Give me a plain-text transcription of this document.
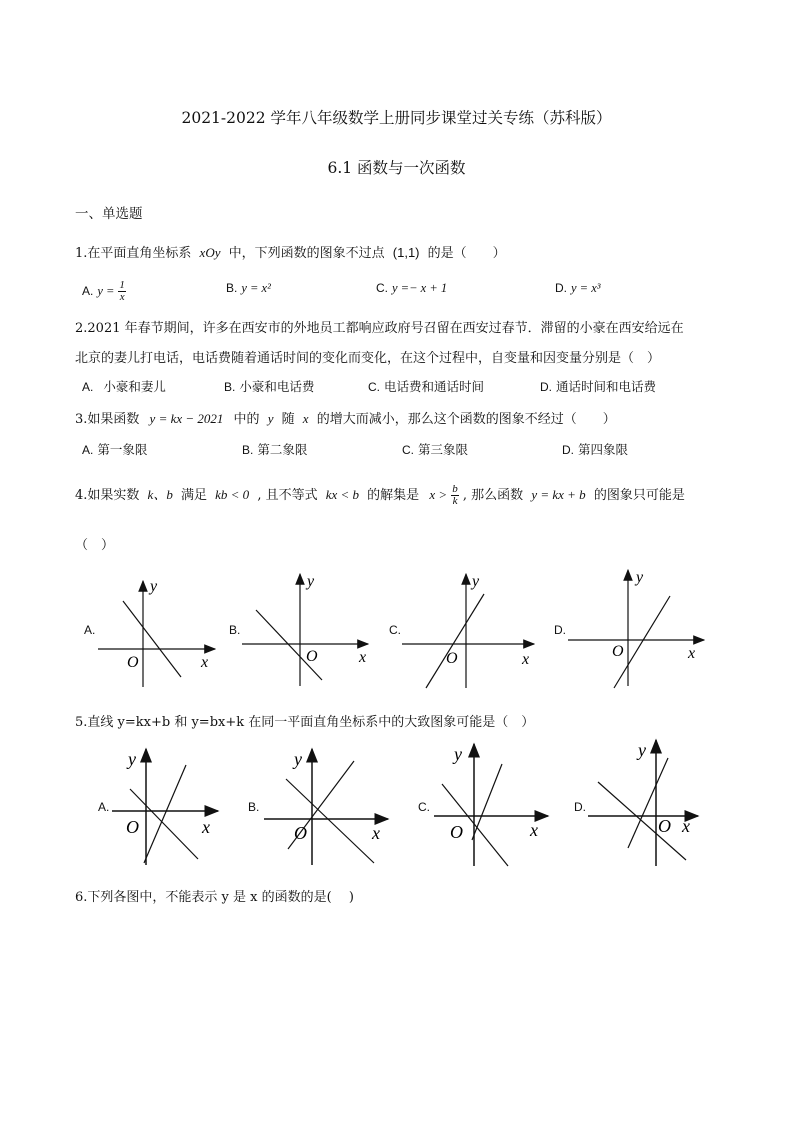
2021-2022 学年八年级数学上册同步课堂过关专练（苏科版）
6.1 函数与一次函数
一、单选题
1.在平面直角坐标系 xOy 中，下列函数的图象不过点 (1,1) 的是（　　）
A. $y = \frac{1}{x}$	B. y = x²	C. y =− x + 1	D. y = x³
2.2021 年春节期间，许多在西安市的外地员工都响应政府号召留在西安过春节．滞留的小豪在西安给远在
北京的妻儿打电话，电话费随着通话时间的变化而变化，在这个过程中，自变量和因变量分别是（　）
A. 小豪和妻儿	B. 小豪和电话费	C. 电话费和通话时间	D. 通话时间和电话费
3.如果函数 y = kx − 2021 中的 y 随 x 的增大而减小，那么这个函数的图象不经过（　　）
A. 第一象限	B. 第二象限	C. 第三象限	D. 第四象限
4.如果实数 k、b 满足 kb < 0 , 且不等式 kx < b 的解集是 $x > \frac{b}{k}$ , 那么函数 y = kx + b 的图象只可能是
（　）
A.
y
x
O
B.
y
x
O
C.
y
x
O
D.
y
x
O
5.直线 y=kx+b 和 y=bx+k 在同一平面直角坐标系中的大致图象可能是（　）
A.
y
x
O
B.
y
x
O
C.
y
x
O
D.
y
x
O
6.下列各图中，不能表示 y 是 x 的函数的是(　 )
